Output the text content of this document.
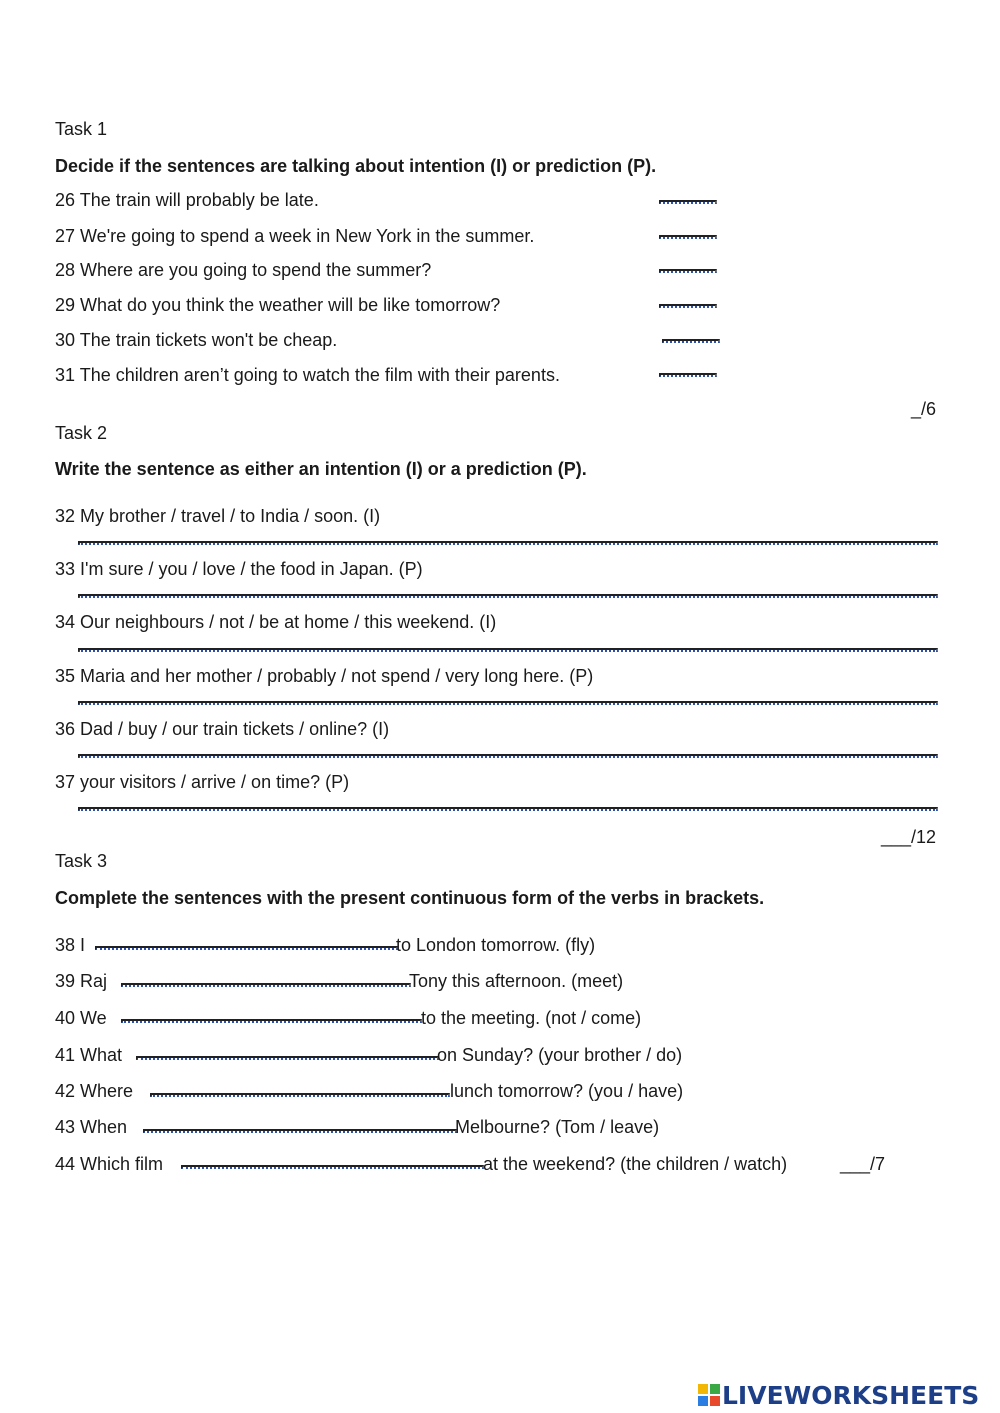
Task 1
Decide if the sentences are talking about intention (I) or prediction (P).
26 The train will probably be late.
27 We're going to spend a week in New York in the summer.
28 Where are you going to spend the summer?
29 What do you think the weather will be like tomorrow?
30 The train tickets won't be cheap.
31 The children aren’t going to watch the film with their parents.
_/6
Task 2
Write the sentence as either an intention (I) or a prediction (P).
32 My brother / travel / to India / soon. (I)
33 I'm sure / you / love / the food in Japan. (P)
34 Our neighbours / not / be at home / this weekend. (I)
35 Maria and her mother / probably / not spend / very long here. (P)
36 Dad / buy / our train tickets / online? (I)
37 your visitors / arrive / on time? (P)
___/12
Task 3
Complete the sentences with the present continuous form of the verbs in brackets.
38 I	to London tomorrow. (fly)
39 Raj	Tony this afternoon. (meet)
40 We	to the meeting. (not / come)
41 What	on Sunday? (your brother / do)
42 Where	lunch tomorrow? (you / have)
43 When	Melbourne? (Tom / leave)
44 Which film	at the weekend? (the children / watch)	___/7
LIVEWORKSHEETS
